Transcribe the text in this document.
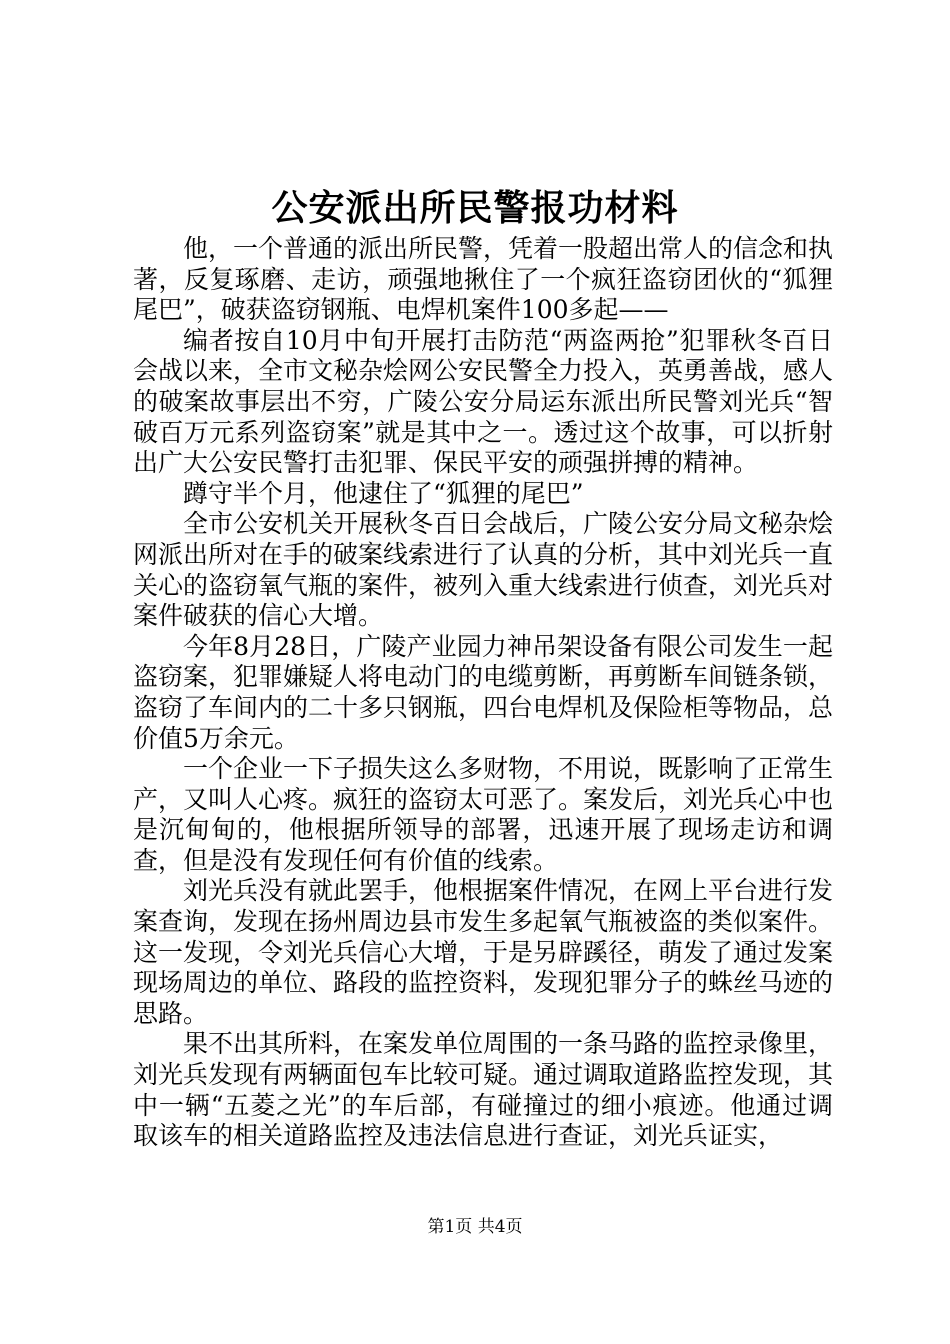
公安派出所民警报功材料

他，一个普通的派出所民警，凭着一股超出常人的信念和执著，反复琢磨、走访，顽强地揪住了一个疯狂盗窃团伙的“狐狸尾巴”，破获盗窃钢瓶、电焊机案件100多起——

编者按自10月中旬开展打击防范“两盗两抢”犯罪秋冬百日会战以来，全市文秘杂烩网公安民警全力投入，英勇善战，感人的破案故事层出不穷，广陵公安分局运东派出所民警刘光兵“智破百万元系列盗窃案”就是其中之一。透过这个故事，可以折射出广大公安民警打击犯罪、保民平安的顽强拼搏的精神。

蹲守半个月，他逮住了“狐狸的尾巴”

全市公安机关开展秋冬百日会战后，广陵公安分局文秘杂烩网派出所对在手的破案线索进行了认真的分析，其中刘光兵一直关心的盗窃氧气瓶的案件，被列入重大线索进行侦查，刘光兵对案件破获的信心大增。

今年8月28日，广陵产业园力神吊架设备有限公司发生一起盗窃案，犯罪嫌疑人将电动门的电缆剪断，再剪断车间链条锁，盗窃了车间内的二十多只钢瓶，四台电焊机及保险柜等物品，总价值5万余元。

一个企业一下子损失这么多财物，不用说，既影响了正常生产，又叫人心疼。疯狂的盗窃太可恶了。案发后，刘光兵心中也是沉甸甸的，他根据所领导的部署，迅速开展了现场走访和调查，但是没有发现任何有价值的线索。

刘光兵没有就此罢手，他根据案件情况，在网上平台进行发案查询，发现在扬州周边县市发生多起氧气瓶被盗的类似案件。这一发现，令刘光兵信心大增，于是另辟蹊径，萌发了通过发案现场周边的单位、路段的监控资料，发现犯罪分子的蛛丝马迹的思路。

果不出其所料，在案发单位周围的一条马路的监控录像里，刘光兵发现有两辆面包车比较可疑。通过调取道路监控发现，其中一辆“五菱之光”的车后部，有碰撞过的细小痕迹。他通过调取该车的相关道路监控及违法信息进行查证，刘光兵证实，

第1页 共4页
